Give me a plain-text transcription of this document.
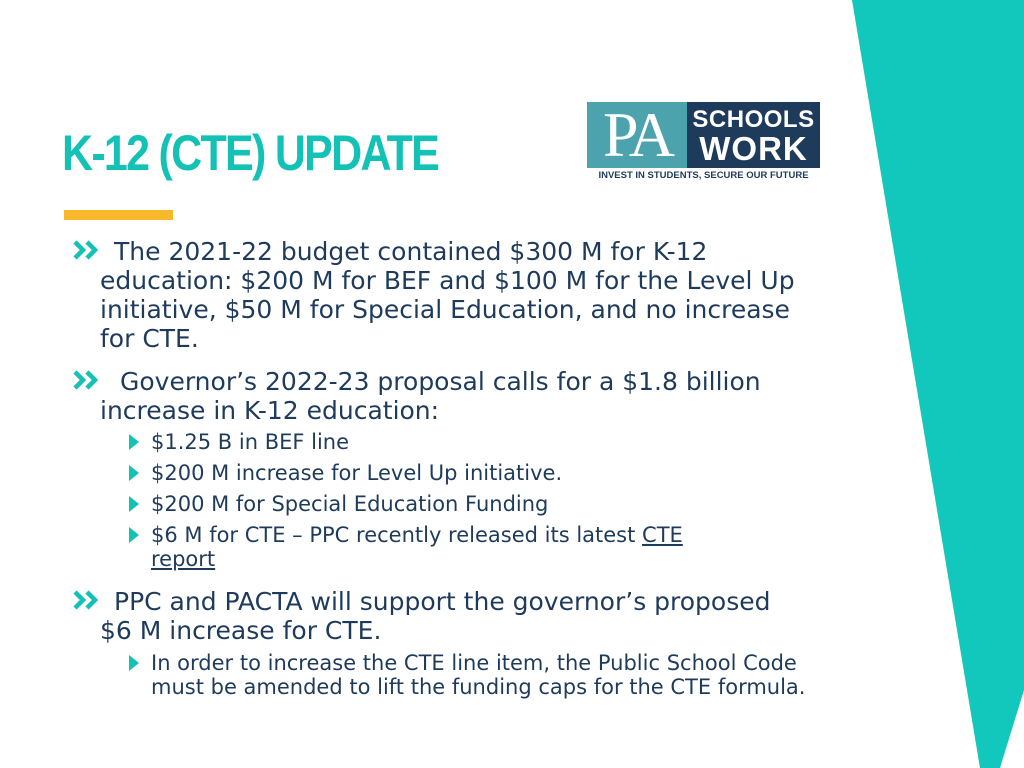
K-12 (CTE) UPDATE	PA SCHOOLS
WORK
INVEST IN STUDENTS, SECURE OUR FUTURE

The 2021-22 budget contained $300 M for K-12 education: $200 M for BEF and $100 M for the Level Up initiative, $50 M for Special Education, and no increase for CTE.

Governor’s 2022-23 proposal calls for a $1.8 billion increase in K-12 education:

$1.25 B in BEF line

$200 M increase for Level Up initiative.

$200 M for Special Education Funding

$6 M for CTE – PPC recently released its latest CTE report

PPC and PACTA will support the governor’s proposed $6 M increase for CTE.

In order to increase the CTE line item, the Public School Code must be amended to lift the funding caps for the CTE formula.
